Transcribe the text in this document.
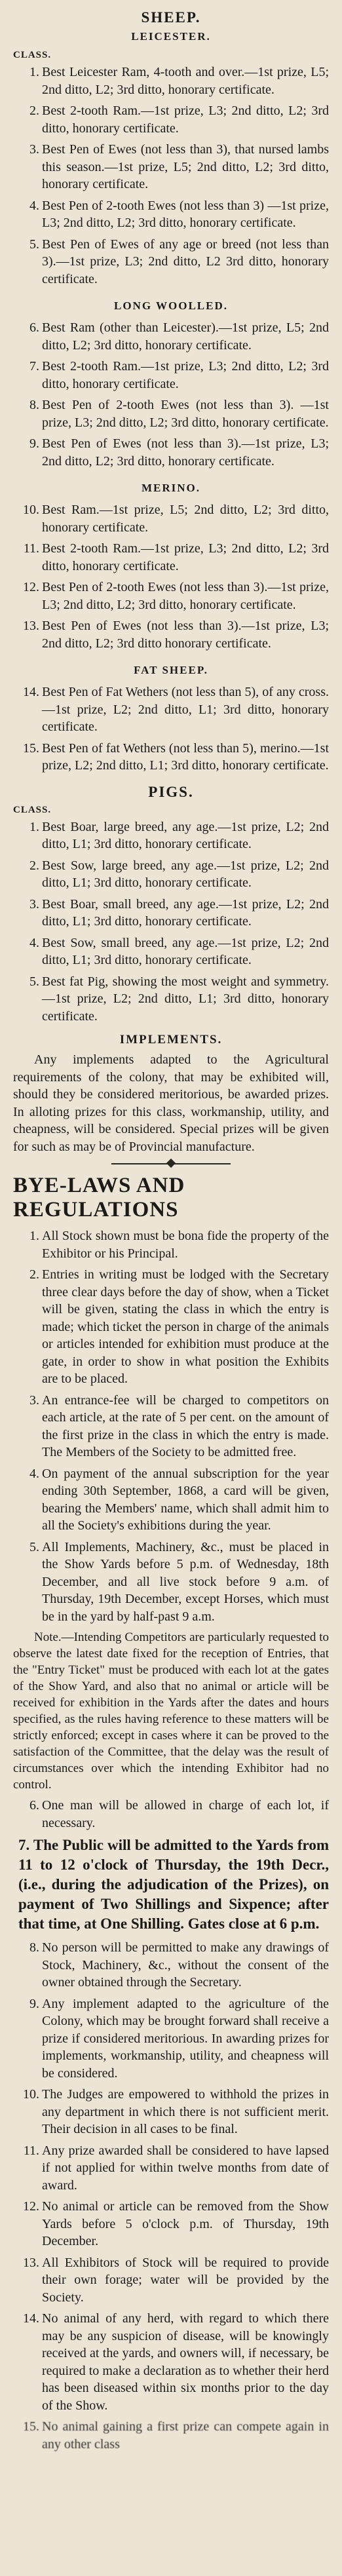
SHEEP.
LEICESTER.
CLASS.
1. Best Leicester Ram, 4-tooth and over.—1st prize, L5; 2nd ditto, L2; 3rd ditto, honorary certificate.
2. Best 2-tooth Ram.—1st prize, L3; 2nd ditto, L2; 3rd ditto, honorary certificate.
3. Best Pen of Ewes (not less than 3), that nursed lambs this season.—1st prize, L5; 2nd ditto, L2; 3rd ditto, honorary certificate.
4. Best Pen of 2-tooth Ewes (not less than 3) —1st prize, L3; 2nd ditto, L2; 3rd ditto, honorary certificate.
5. Best Pen of Ewes of any age or breed (not less than 3).—1st prize, L3; 2nd ditto, L2 3rd ditto, honorary certificate.
LONG WOOLLED.
6. Best Ram (other than Leicester).—1st prize, L5; 2nd ditto, L2; 3rd ditto, honorary certificate.
7. Best 2-tooth Ram.—1st prize, L3; 2nd ditto, L2; 3rd ditto, honorary certificate.
8. Best Pen of 2-tooth Ewes (not less than 3). —1st prize, L3; 2nd ditto, L2; 3rd ditto, honorary certificate.
9. Best Pen of Ewes (not less than 3).—1st prize, L3; 2nd ditto, L2; 3rd ditto, honorary certificate.
MERINO.
10. Best Ram.—1st prize, L5; 2nd ditto, L2; 3rd ditto, honorary certificate.
11. Best 2-tooth Ram.—1st prize, L3; 2nd ditto, L2; 3rd ditto, honorary certificate.
12. Best Pen of 2-tooth Ewes (not less than 3).—1st prize, L3; 2nd ditto, L2; 3rd ditto, honorary certificate.
13. Best Pen of Ewes (not less than 3).—1st prize, L3; 2nd ditto, L2; 3rd ditto honorary certificate.
FAT SHEEP.
14. Best Pen of Fat Wethers (not less than 5), of any cross.—1st prize, L2; 2nd ditto, L1; 3rd ditto, honorary certificate.
15. Best Pen of fat Wethers (not less than 5), merino.—1st prize, L2; 2nd ditto, L1; 3rd ditto, honorary certificate.
PIGS.
CLASS.
1. Best Boar, large breed, any age.—1st prize, L2; 2nd ditto, L1; 3rd ditto, honorary certificate.
2. Best Sow, large breed, any age.—1st prize, L2; 2nd ditto, L1; 3rd ditto, honorary certificate.
3. Best Boar, small breed, any age.—1st prize, L2; 2nd ditto, L1; 3rd ditto, honorary certificate.
4. Best Sow, small breed, any age.—1st prize, L2; 2nd ditto, L1; 3rd ditto, honorary certificate.
5. Best fat Pig, showing the most weight and symmetry.—1st prize, L2; 2nd ditto, L1; 3rd ditto, honorary certificate.
IMPLEMENTS.

Any implements adapted to the Agricultural requirements of the colony, that may be exhibited will, should they be considered meritorious, be awarded prizes. In alloting prizes for this class, workmanship, utility, and cheapness, will be considered. Special prizes will be given for such as may be of Provincial manufacture.

BYE-LAWS AND REGULATIONS
1. All Stock shown must be bona fide the property of the Exhibitor or his Principal.
2. Entries in writing must be lodged with the Secretary three clear days before the day of show, when a Ticket will be given, stating the class in which the entry is made; which ticket the person in charge of the animals or articles intended for exhibition must produce at the gate, in order to show in what position the Exhibits are to be placed.
3. An entrance-fee will be charged to competitors on each article, at the rate of 5 per cent. on the amount of the first prize in the class in which the entry is made. The Members of the Society to be admitted free.
4. On payment of the annual subscription for the year ending 30th September, 1868, a card will be given, bearing the Members' name, which shall admit him to all the Society's exhibitions during the year.
5. All Implements, Machinery, &c., must be placed in the Show Yards before 5 p.m. of Wednesday, 18th December, and all live stock before 9 a.m. of Thursday, 19th December, except Horses, which must be in the yard by half-past 9 a.m.

Note.—Intending Competitors are particularly requested to observe the latest date fixed for the reception of Entries, that the "Entry Ticket" must be produced with each lot at the gates of the Show Yard, and also that no animal or article will be received for exhibition in the Yards after the dates and hours specified, as the rules having reference to these matters will be strictly enforced; except in cases where it can be proved to the satisfaction of the Committee, that the delay was the result of circumstances over which the intending Exhibitor had no control.

6. One man will be allowed in charge of each lot, if necessary.

7. The Public will be admitted to the Yards from 11 to 12 o'clock of Thursday, the 19th Decr., (i.e., during the adjudication of the Prizes), on payment of Two Shillings and Sixpence; after that time, at One Shilling. Gates close at 6 p.m.

8. No person will be permitted to make any drawings of Stock, Machinery, &c., without the consent of the owner obtained through the Secretary.
9. Any implement adapted to the agriculture of the Colony, which may be brought forward shall receive a prize if considered meritorious. In awarding prizes for implements, workmanship, utility, and cheapness will be considered.
10. The Judges are empowered to withhold the prizes in any department in which there is not sufficient merit. Their decision in all cases to be final.
11. Any prize awarded shall be considered to have lapsed if not applied for within twelve months from date of award.
12. No animal or article can be removed from the Show Yards before 5 o'clock p.m. of Thursday, 19th December.
13. All Exhibitors of Stock will be required to provide their own forage; water will be provided by the Society.
14. No animal of any herd, with regard to which there may be any suspicion of disease, will be knowingly received at the yards, and owners will, if necessary, be required to make a declaration as to whether their herd has been diseased within six months prior to the day of the Show.
15. No animal gaining a first prize can compete again in any other class
